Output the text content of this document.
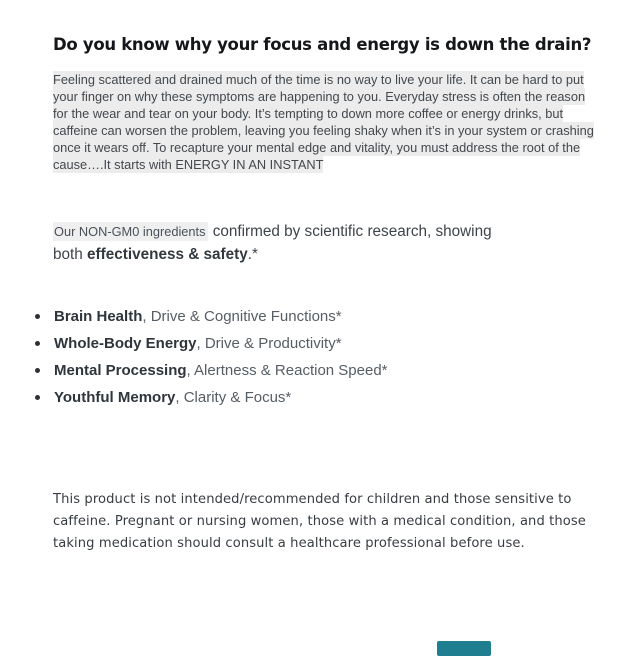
Do you know why your focus and energy is down the drain?

Feeling scattered and drained much of the time is no way to live your life. It can be hard to put your finger on why these symptoms are happening to you. Everyday stress is often the reason for the wear and tear on your body. It’s tempting to down more coffee or energy drinks, but caffeine can worsen the problem, leaving you feeling shaky when it’s in your system or crashing once it wears off. To recapture your mental edge and vitality, you must address the root of the cause….It starts with ENERGY IN AN INSTANT

Our NON-GM0 ingredients confirmed by scientific research, showing
both effectiveness & safety.*

Brain Health, Drive & Cognitive Functions*
Whole-Body Energy, Drive & Productivity*
Mental Processing, Alertness & Reaction Speed*
Youthful Memory, Clarity & Focus*

This product is not intended/recommended for children and those sensitive to caffeine. Pregnant or nursing women, those with a medical condition, and those taking medication should consult a healthcare professional before use.
